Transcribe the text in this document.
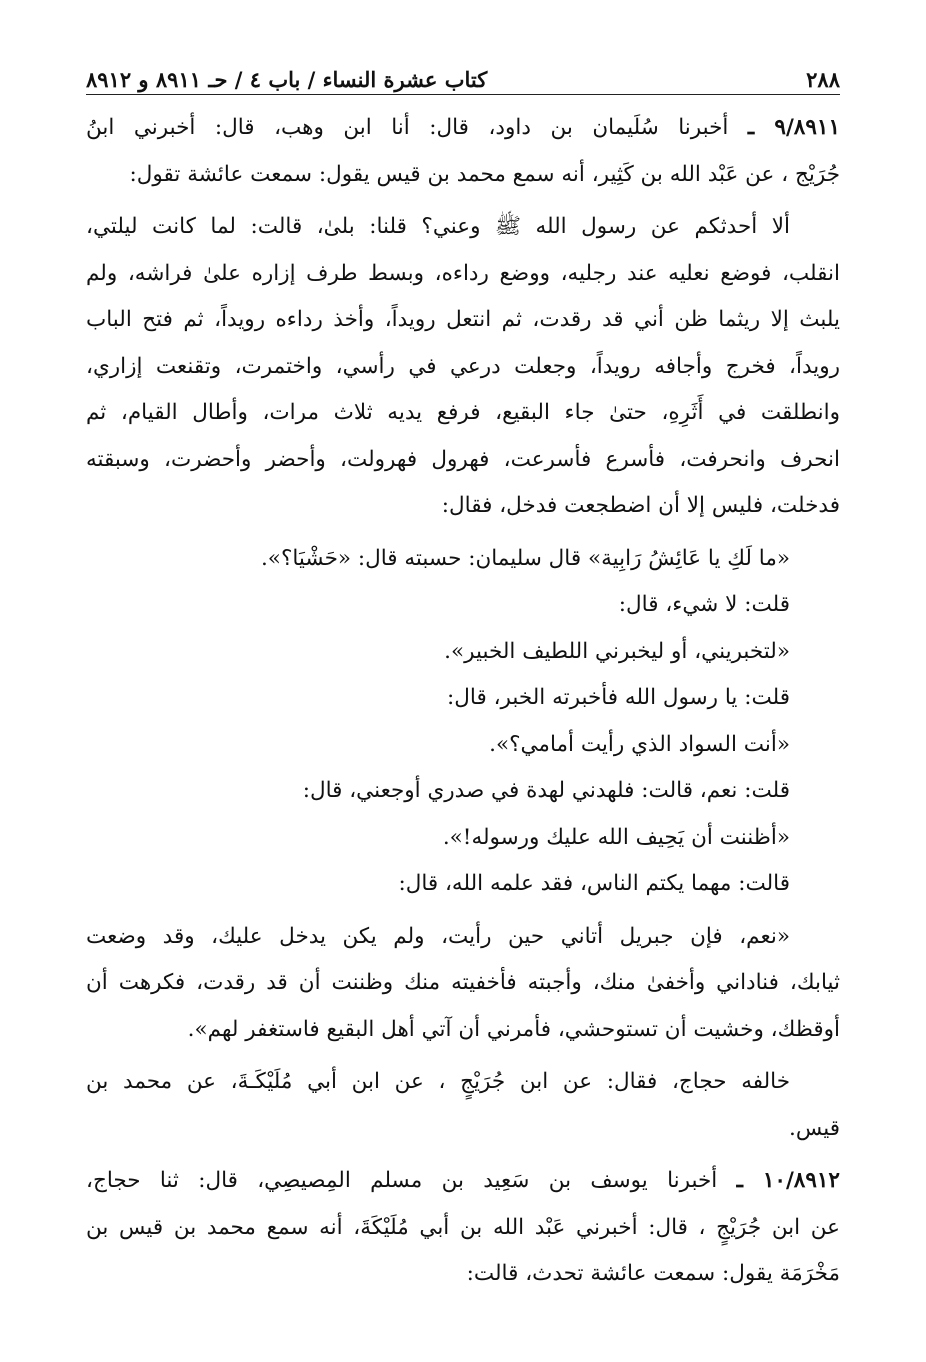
٢٨٨
كتاب عشرة النساء / باب ٤ / حـ ٨٩١١ و ٨٩١٢
٩/٨٩١١ ـ أخبرنا سُلَيمان بن داود، قال: أنا ابن وهب، قال: أخبرني ابنُ
جُرَيْج ، عن عَبْد الله بن كَثِير، أنه سمع محمد بن قيس يقول: سمعت عائشة تقول:
ألا أحدثكم عن رسول الله ﷺ وعني؟ قلنا: بلىٰ، قالت: لما كانت ليلتي،
انقلب، فوضع نعليه عند رجليه، ووضع رداءه، وبسط طرف إزاره علىٰ فراشه، ولم
يلبث إلا ريثما ظن أني قد رقدت، ثم انتعل رويداً، وأخذ رداءه رويداً، ثم فتح الباب
رويداً، فخرج وأجافه رويداً، وجعلت درعي في رأسي، واختمرت، وتقنعت إزاري،
وانطلقت في أَثَرِهِ، حتىٰ جاء البقيع، فرفع يديه ثلاث مرات، وأطال القيام، ثم
انحرف وانحرفت، فأسرع فأسرعت، فهرول فهرولت، وأحضر وأحضرت، وسبقته
فدخلت، فليس إلا أن اضطجعت فدخل، فقال:
«ما لَكِ يا عَائِشُ رَابِية» قال سليمان: حسبته قال: «حَشْيَا؟».
قلت: لا شيء، قال:
«لتخبريني، أو ليخبرني اللطيف الخبير».
قلت: يا رسول الله فأخبرته الخبر، قال:
«أنت السواد الذي رأيت أمامي؟».
قلت: نعم، قالت: فلهدني لهدة في صدري أوجعني، قال:
«أظننت أن يَحِيف الله عليك ورسوله!».
قالت: مهما يكتم الناس، فقد علمه الله، قال:
«نعم، فإن جبريل أتاني حين رأيت، ولم يكن يدخل عليك، وقد وضعت
ثيابك، فناداني وأخفىٰ منك، وأجبته فأخفيته منك وظننت أن قد رقدت، فكرهت أن
أوقظك، وخشيت أن تستوحشي، فأمرني أن آتي أهل البقيع فاستغفر لهم».
خالفه حجاج، فقال: عن ابن جُرَيْجٍ ، عن ابن أبي مُلَيْكَـةَ، عن محمد بن
قيس.
١٠/٨٩١٢ ـ أخبرنا يوسف بن سَعِيد بن مسلم المِصيصِي، قال: ثنا حجاج،
عن ابن جُرَيْجٍ ، قال: أخبرني عَبْد الله بن أبي مُلَيْكَةَ، أنه سمع محمد بن قيس بن
مَخْرَمَة يقول: سمعت عائشة تحدث، قالت:
